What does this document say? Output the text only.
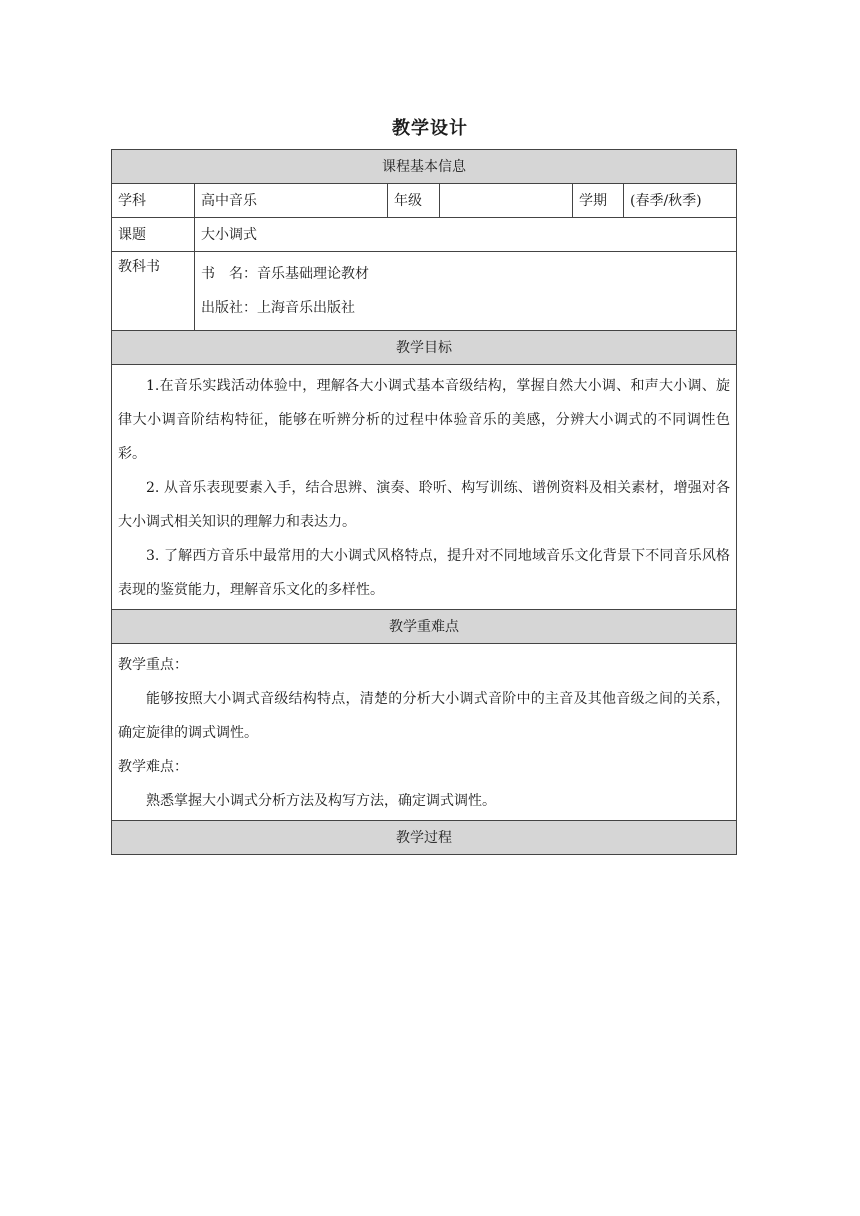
教学设计
课程基本信息					
学科	高中音乐	年级		学期	(春季/秋季)
课题	大小调式				
教科书	书　名：音乐基础理论教材
出版社：上海音乐出版社				

教学目标					

1.在音乐实践活动体验中，理解各大小调式基本音级结构，掌握自然大小调、和声大小调、旋律大小调音阶结构特征，能够在听辨分析的过程中体验音乐的美感，分辨大小调式的不同调性色彩。
2. 从音乐表现要素入手，结合思辨、演奏、聆听、构写训练、谱例资料及相关素材，增强对各大小调式相关知识的理解力和表达力。
3. 了解西方音乐中最常用的大小调式风格特点，提升对不同地域音乐文化背景下不同音乐风格表现的鉴赏能力，理解音乐文化的多样性。					

教学重难点					

教学重点：
能够按照大小调式音级结构特点，清楚的分析大小调式音阶中的主音及其他音级之间的关系，确定旋律的调式调性。
教学难点：
熟悉掌握大小调式分析方法及构写方法，确定调式调性。					

教学过程					
